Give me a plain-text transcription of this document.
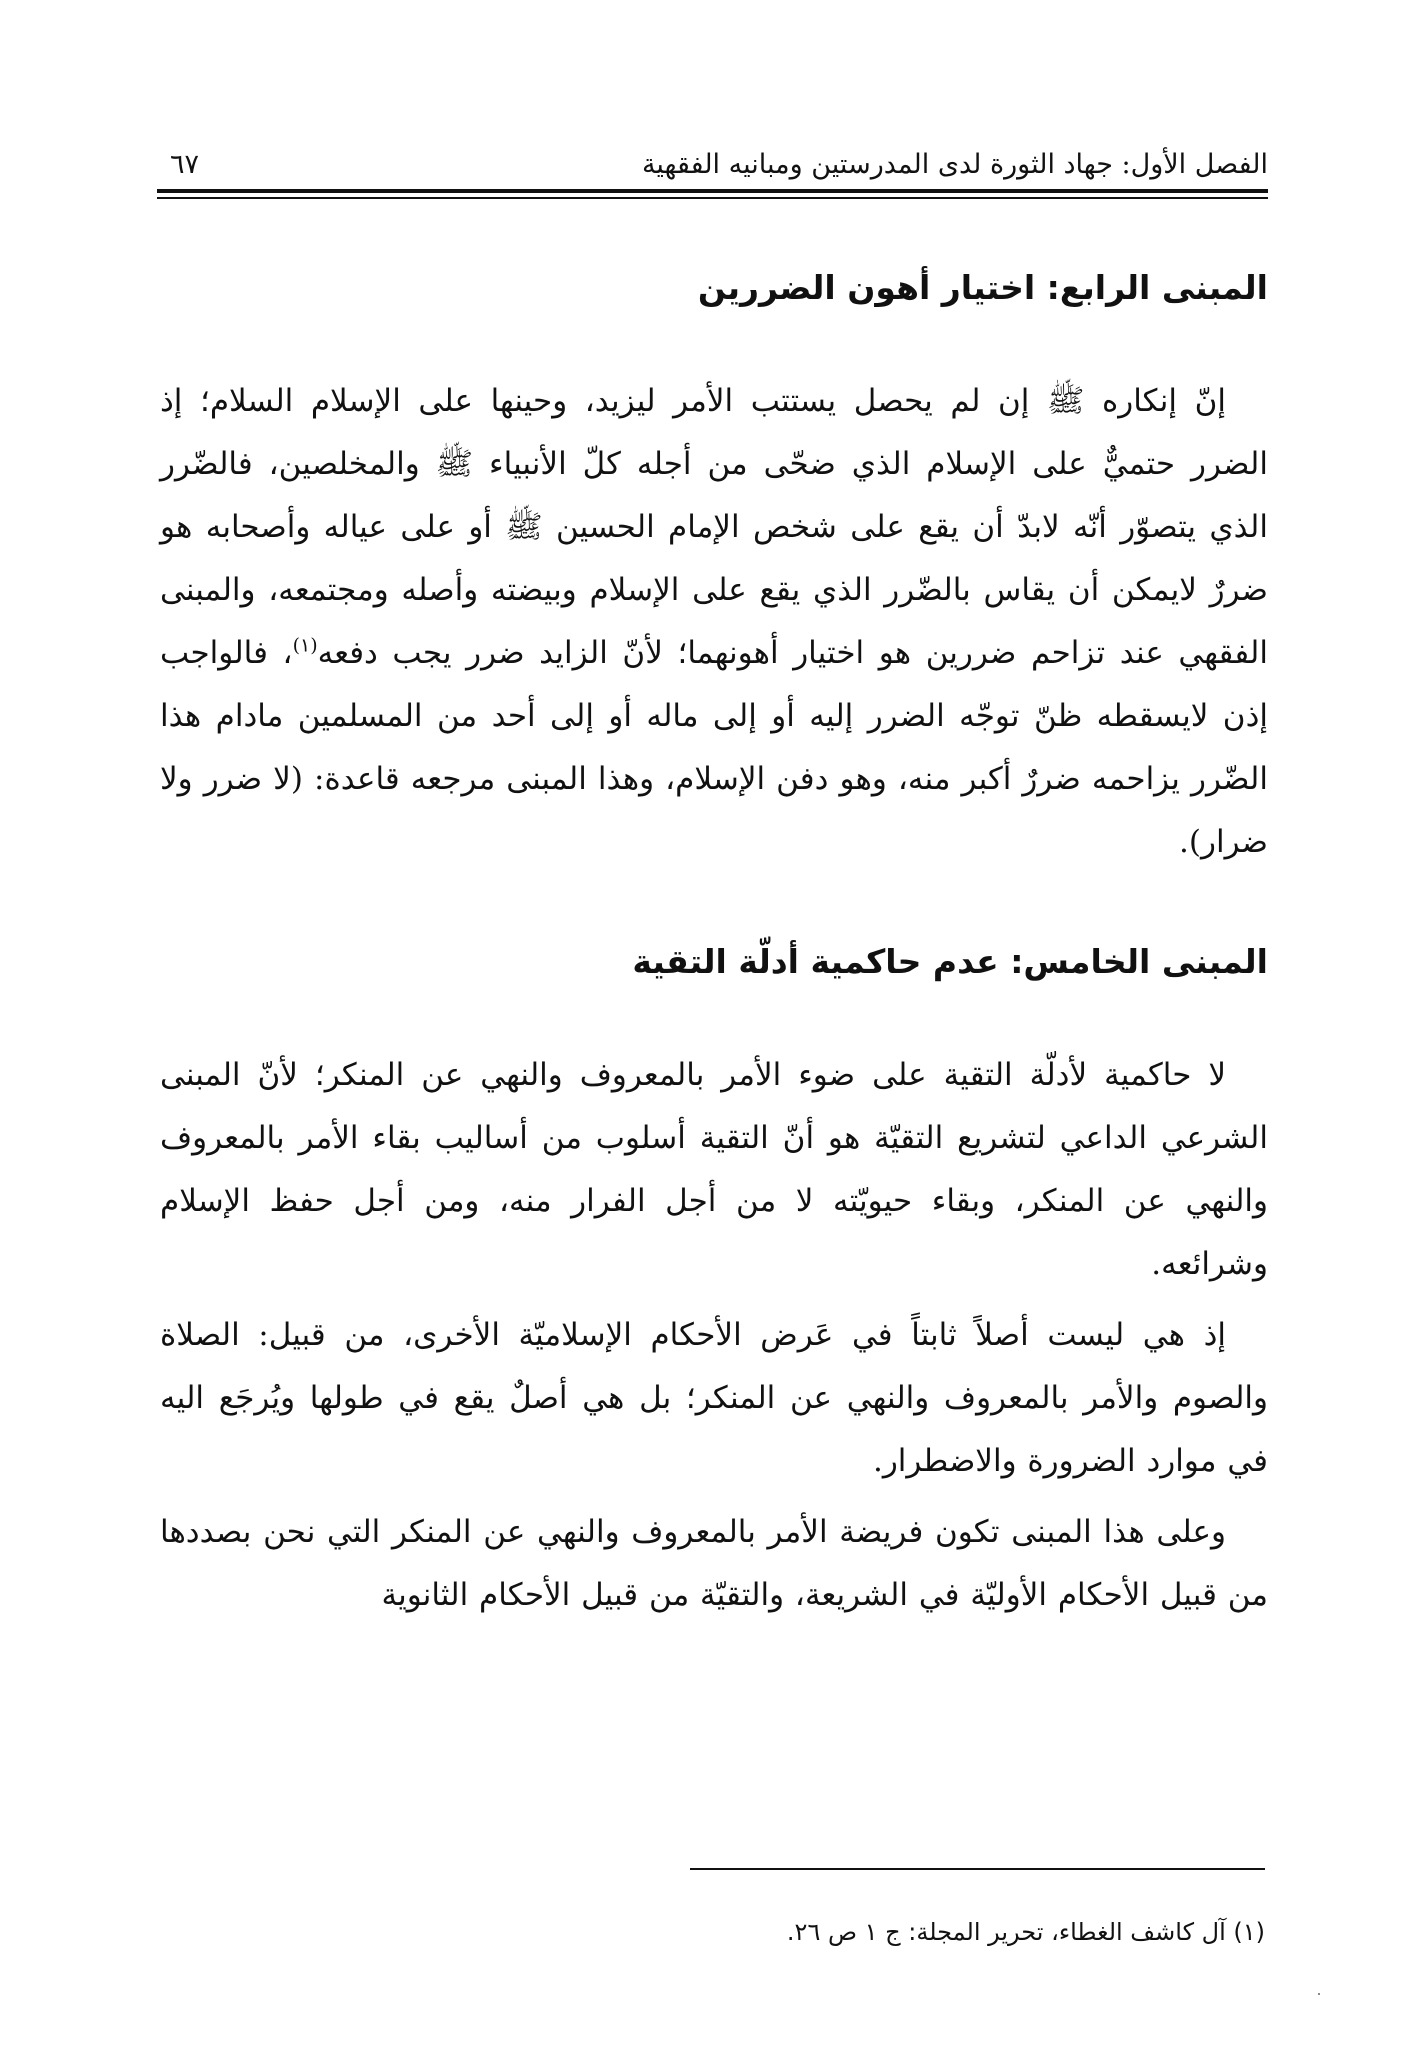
الفصل الأول: جهاد الثورة لدى المدرستين ومبانيه الفقهية
٦٧
المبنى الرابع: اختيار أهون الضررين

إنّ إنكاره ﷺ إن لم يحصل يستتب الأمر ليزيد، وحينها على الإسلام السلام؛ إذ الضرر حتميٌّ على الإسلام الذي ضحّى من أجله كلّ الأنبياء ﷺ والمخلصين، فالضّرر الذي يتصوّر أنّه لابدّ أن يقع على شخص الإمام الحسين ﷺ أو على عياله وأصحابه هو ضررٌ لايمكن أن يقاس بالضّرر الذي يقع على الإسلام وبيضته وأصله ومجتمعه، والمبنى الفقهي عند تزاحم ضررين هو اختيار أهونهما؛ لأنّ الزايد ضرر يجب دفعه$^{(١)}$، فالواجب إذن لايسقطه ظنّ توجّه الضرر إليه أو إلى ماله أو إلى أحد من المسلمين مادام هذا الضّرر يزاحمه ضررٌ أكبر منه، وهو دفن الإسلام، وهذا المبنى مرجعه قاعدة: (لا ضرر ولا ضرار).

المبنى الخامس: عدم حاكمية أدلّة التقية

لا حاكمية لأدلّة التقية على ضوء الأمر بالمعروف والنهي عن المنكر؛ لأنّ المبنى الشرعي الداعي لتشريع التقيّة هو أنّ التقية أسلوب من أساليب بقاء الأمر بالمعروف والنهي عن المنكر، وبقاء حيويّته لا من أجل الفرار منه، ومن أجل حفظ الإسلام وشرائعه.

إذ هي ليست أصلاً ثابتاً في عَرض الأحكام الإسلاميّة الأخرى، من قبيل: الصلاة والصوم والأمر بالمعروف والنهي عن المنكر؛ بل هي أصلٌ يقع في طولها ويُرجَع اليه في موارد الضرورة والاضطرار.

وعلى هذا المبنى تكون فريضة الأمر بالمعروف والنهي عن المنكر التي نحن بصددها من قبيل الأحكام الأوليّة في الشريعة، والتقيّة من قبيل الأحكام الثانوية

(١) آل كاشف الغطاء، تحرير المجلة: ج ١ ص ٢٦.
